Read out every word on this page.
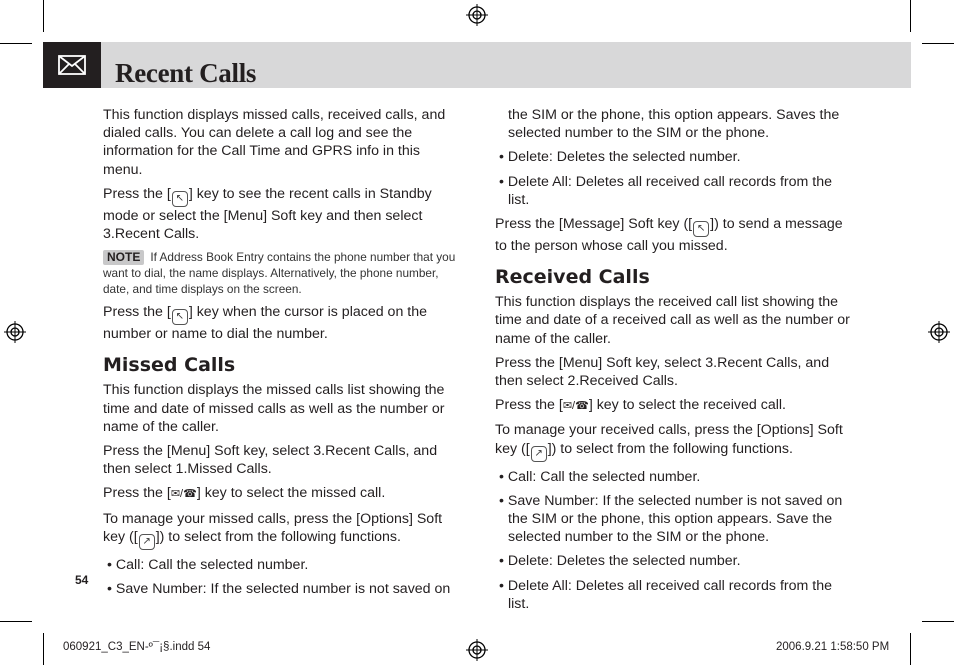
Recent Calls

This function displays missed calls, received calls, and dialed calls. You can delete a call log and see the information for the Call Time and GPRS info in this menu.

Press the [ ↖ ] key to see the recent calls in Standby mode or select the [Menu] Soft key and then select 3.Recent Calls.

NOTE If Address Book Entry contains the phone number that you want to dial, the name displays. Alternatively, the phone number, date, and time displays on the screen.

Press the [ ↖ ] key when the cursor is placed on the number or name to dial the number.

Missed Calls

This function displays the missed calls list showing the time and date of missed calls as well as the number or name of the caller.

Press the [Menu] Soft key, select 3.Recent Calls, and then select 1.Missed Calls.

Press the [✉/☎] key to select the missed call.

To manage your missed calls, press the [Options] Soft key ([ ↗ ]) to select from the following functions.

• Call: Call the selected number.

• Save Number: If the selected number is not saved on

the SIM or the phone, this option appears. Saves the selected number to the SIM or the phone.

• Delete: Deletes the selected number.

• Delete All: Deletes all received call records from the list.

Press the [Message] Soft key ([ ↖ ]) to send a message to the person whose call you missed.

Received Calls

This function displays the received call list showing the time and date of a received call as well as the number or name of the caller.

Press the [Menu] Soft key, select 3.Recent Calls, and then select 2.Received Calls.

Press the [✉/☎] key to select the received call.

To manage your received calls, press the [Options] Soft key ([ ↗ ]) to select from the following functions.

• Call: Call the selected number.

• Save Number: If the selected number is not saved on the SIM or the phone, this option appears. Save the selected number to the SIM or the phone.

• Delete: Deletes the selected number.

• Delete All: Deletes all received call records from the list.

54
060921_C3_EN-º¯¡§.indd 54	2006.9.21 1:58:50 PM
